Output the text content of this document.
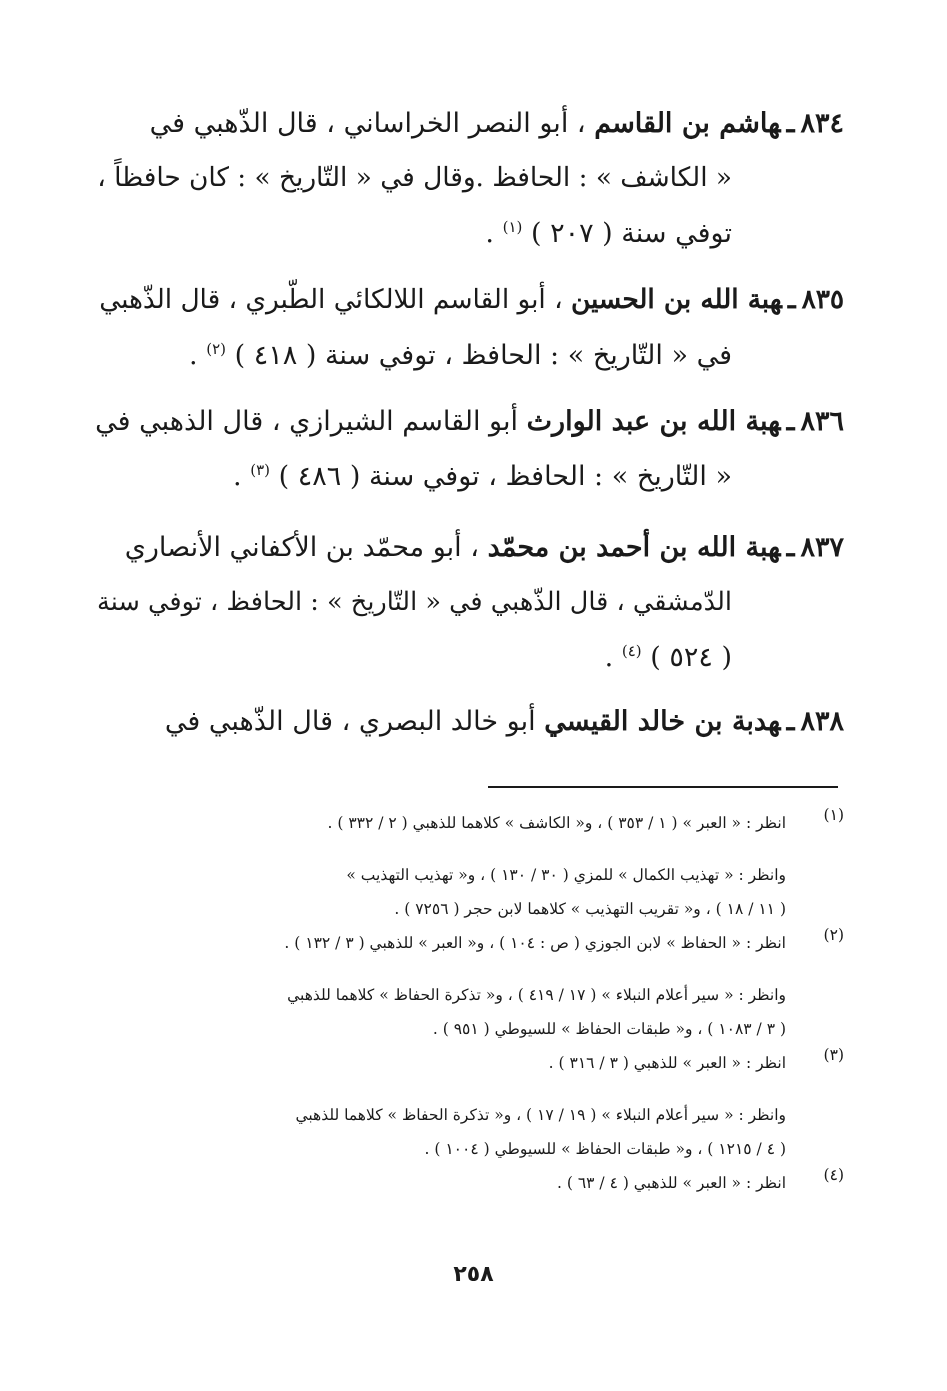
٨٣٤ـهاشم بن القاسم ، أبو النصر الخراساني ، قال الذّهبي في
« الكاشف » : الحافظ .وقال في « التّاريخ » : كان حافظاً ،
توفي سنة ( ٢٠٧ ) $^{(١)}$ .
٨٣٥ـهبة الله بن الحسين ، أبو القاسم اللالكائي الطّبري ، قال الذّهبي
في « التّاريخ » : الحافظ ، توفي سنة ( ٤١٨ ) $^{(٢)}$ .
٨٣٦ـهبة الله بن عبد الوارث أبو القاسم الشيرازي ، قال الذهبي في
« التّاريخ » : الحافظ ، توفي سنة ( ٤٨٦ ) $^{(٣)}$ .
٨٣٧ـهبة الله بن أحمد بن محمّد ، أبو محمّد بن الأكفاني الأنصاري
الدّمشقي ، قال الذّهبي في « التّاريخ » : الحافظ ، توفي سنة
( ٥٢٤ ) $^{(٤)}$ .
٨٣٨ـهدبة بن خالد القيسي أبو خالد البصري ، قال الذّهبي في
(١)
انظر : « العبر » ( ١ / ٣٥٣ ) ، و« الكاشف » كلاهما للذهبي ( ٢ / ٣٣٢ ) .
وانظر : « تهذيب الكمال » للمزي ( ٣٠ / ١٣٠ ) ، و« تهذيب التهذيب »
( ١١ / ١٨ ) ، و« تقريب التهذيب » كلاهما لابن حجر ( ٧٢٥٦ ) .
(٢)
انظر : « الحفاظ » لابن الجوزي ( ص : ١٠٤ ) ، و« العبر » للذهبي ( ٣ / ١٣٢ ) .
وانظر : « سير أعلام النبلاء » ( ١٧ / ٤١٩ ) ، و« تذكرة الحفاظ » كلاهما للذهبي
( ٣ / ١٠٨٣ ) ، و« طبقات الحفاظ » للسيوطي ( ٩٥١ ) .
(٣)
انظر : « العبر » للذهبي ( ٣ / ٣١٦ ) .
وانظر : « سير أعلام النبلاء » ( ١٩ / ١٧ ) ، و« تذكرة الحفاظ » كلاهما للذهبي
( ٤ / ١٢١٥ ) ، و« طبقات الحفاظ » للسيوطي ( ١٠٠٤ ) .
(٤)
انظر : « العبر » للذهبي ( ٤ / ٦٣ ) .
٢٥٨
